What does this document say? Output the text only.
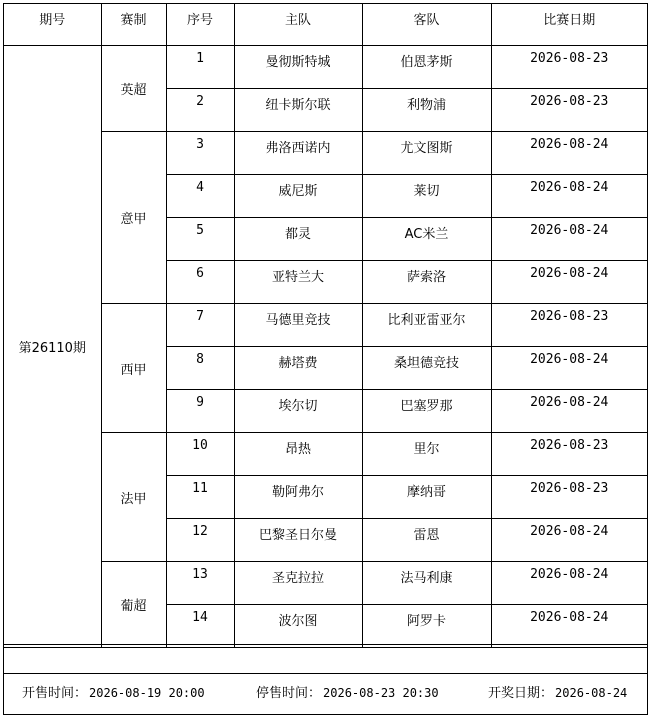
期号	赛制	序号	主队	客队	比赛日期
第26110期	英超	1	曼彻斯特城	伯恩茅斯	2026-08-23
		2	纽卡斯尔联	利物浦	2026-08-23
	意甲	3	弗洛西诺内	尤文图斯	2026-08-24
		4	威尼斯	莱切	2026-08-24
		5	都灵	AC米兰	2026-08-24
		6	亚特兰大	萨索洛	2026-08-24
	西甲	7	马德里竞技	比利亚雷亚尔	2026-08-23
		8	赫塔费	桑坦德竞技	2026-08-24
		9	埃尔切	巴塞罗那	2026-08-24
	法甲	10	昂热	里尔	2026-08-23
		11	勒阿弗尔	摩纳哥	2026-08-23
		12	巴黎圣日尔曼	雷恩	2026-08-24
	葡超	13	圣克拉拉	法马利康	2026-08-24
		14	波尔图	阿罗卡	2026-08-24
开售时间： 2026-08-19 20:00	停售时间： 2026-08-23 20:30	开奖日期： 2026-08-24
